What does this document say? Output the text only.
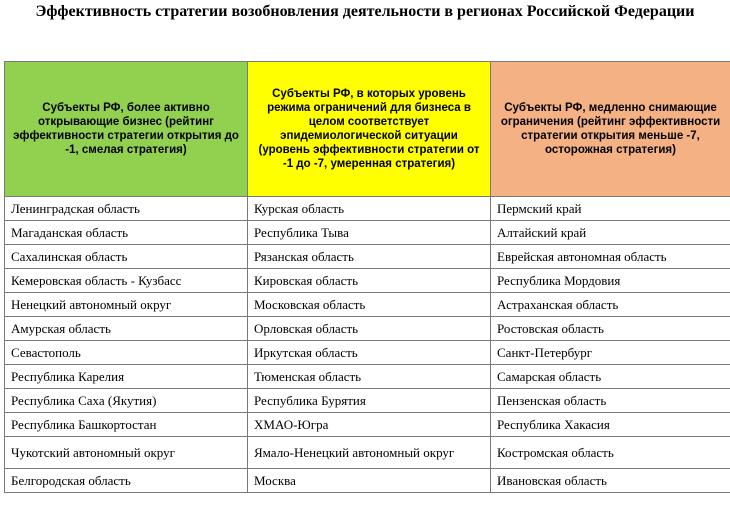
Эффективность стратегии возобновления деятельности в регионах Российской Федерации
Субъекты РФ, более активно открывающие бизнес (рейтинг эффективности стратегии открытия до -1, смелая стратегия)	Субъекты РФ, в которых уровень режима ограничений для бизнеса в целом соответствует эпидемиологической ситуации (уровень эффективности стратегии от -1 до -7, умеренная стратегия)	Субъекты РФ, медленно снимающие ограничения (рейтинг эффективности стратегии открытия меньше -7, осторожная стратегия)
Ленинградская область	Курская область	Пермский край
Магаданская область	Республика Тыва	Алтайский край
Сахалинская область	Рязанская область	Еврейская автономная область
Кемеровская область - Кузбасс	Кировская область	Республика Мордовия
Ненецкий автономный округ	Московская область	Астраханская область
Амурская область	Орловская область	Ростовская область
Севастополь	Иркутская область	Санкт-Петербург
Республика Карелия	Тюменская область	Самарская область
Республика Саха (Якутия)	Республика Бурятия	Пензенская область
Республика Башкортостан	ХМАО-Югра	Республика Хакасия
Чукотский автономный округ	Ямало-Ненецкий автономный округ	Костромская область
Белгородская область	Москва	Ивановская область
